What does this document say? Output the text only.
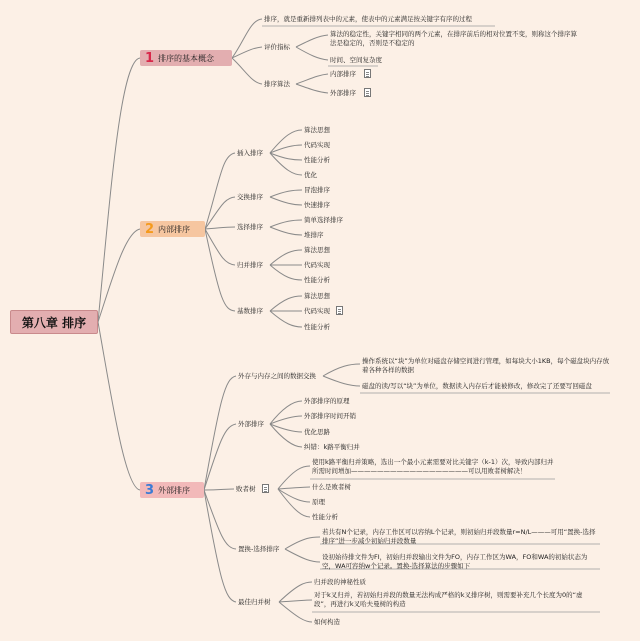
第八章 排序
1 排序的基本概念
排序，就是重新排列表中的元素，使表中的元素满足按关键字有序的过程
评价指标
算法的稳定性，关键字相同的两个元素，在排序前后的相对位置不变，则称这个排序算法是稳定的，否则是不稳定的
时间、空间复杂度
排序算法
内部排序
外部排序
2 内部排序
插入排序
算法思想
代码实现
性能分析
优化
交换排序
冒泡排序
快速排序
选择排序
简单选择排序
堆排序
归并排序
算法思想
代码实现
性能分析
基数排序
算法思想
代码实现
性能分析
3 外部排序
外存与内存之间的数据交换
操作系统以“块”为单位对磁盘存储空间进行管理，如每块大小1KB，每个磁盘块内存放着各种各样的数据
磁盘的读/写以“块”为单位，数据读入内存后才能被修改，修改完了还要写回磁盘
外部排序
外部排序的原理
外部排序时间开销
优化思路
纠错：k路平衡归并
败者树
使用k路平衡归并策略，选出一个最小元素需要对比关键字（k-1）次，导致内部归并所需时间增加——————————————————可以用败者树解决！
什么是败者树
原理
性能分析
置换-选择排序
若共有N个记录，内存工作区可以容纳L个记录，则初始归并段数量r=N/L———可用“置换-选择排序”进一步减少初始归并段数量
设初始待排文件为FI，初始归并段输出文件为FO，内存工作区为WA，FO和WA的初始状态为空，WA可容纳w个记录。置换-选择算法的步骤如下
最佳归并树
归并段的神秘性质
对于k叉归并，若初始归并段的数量无法构成严格的k叉排序树，则需要补充几个长度为0的“虚段”，再进行k叉哈夫曼树的构造
如何构造
